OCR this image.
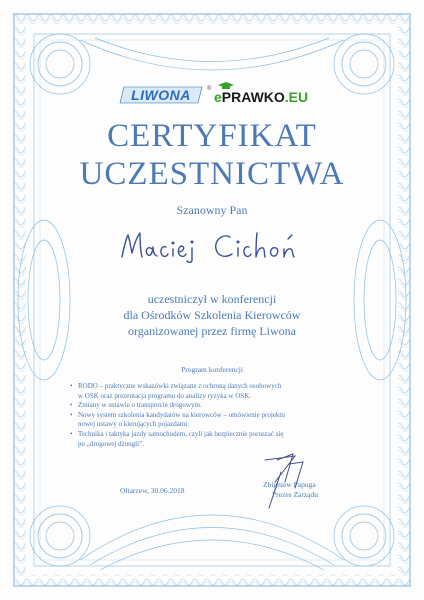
LIWONA	® ePRAWKO.EU
CERTYFIKAT
UCZESTNICTWA
Szanowny Pan
uczestniczył w konferencji
dla Ośrodków Szkolenia Kierowców
organizowanej przez firmę Liwona
Program konferencji
• RODO – praktyczne wskazówki związane z ochroną danych osobowych
w OSK oraz prezentacja programu do analizy ryzyka w OSK.
• Zmiany w ustawie o transporcie drogowym.
• Nowy system szkolenia kandydatów na kierowców – omówienie projektu
nowej ustawy o kierujących pojazdami.
• Technika i taktyka jazdy samochodem, czyli jak bezpiecznie poruszać się
po „drogowej dżungli”.
Ołtarzew, 30.06.2018
Zbigniew Papuga
Prezes Zarządu
